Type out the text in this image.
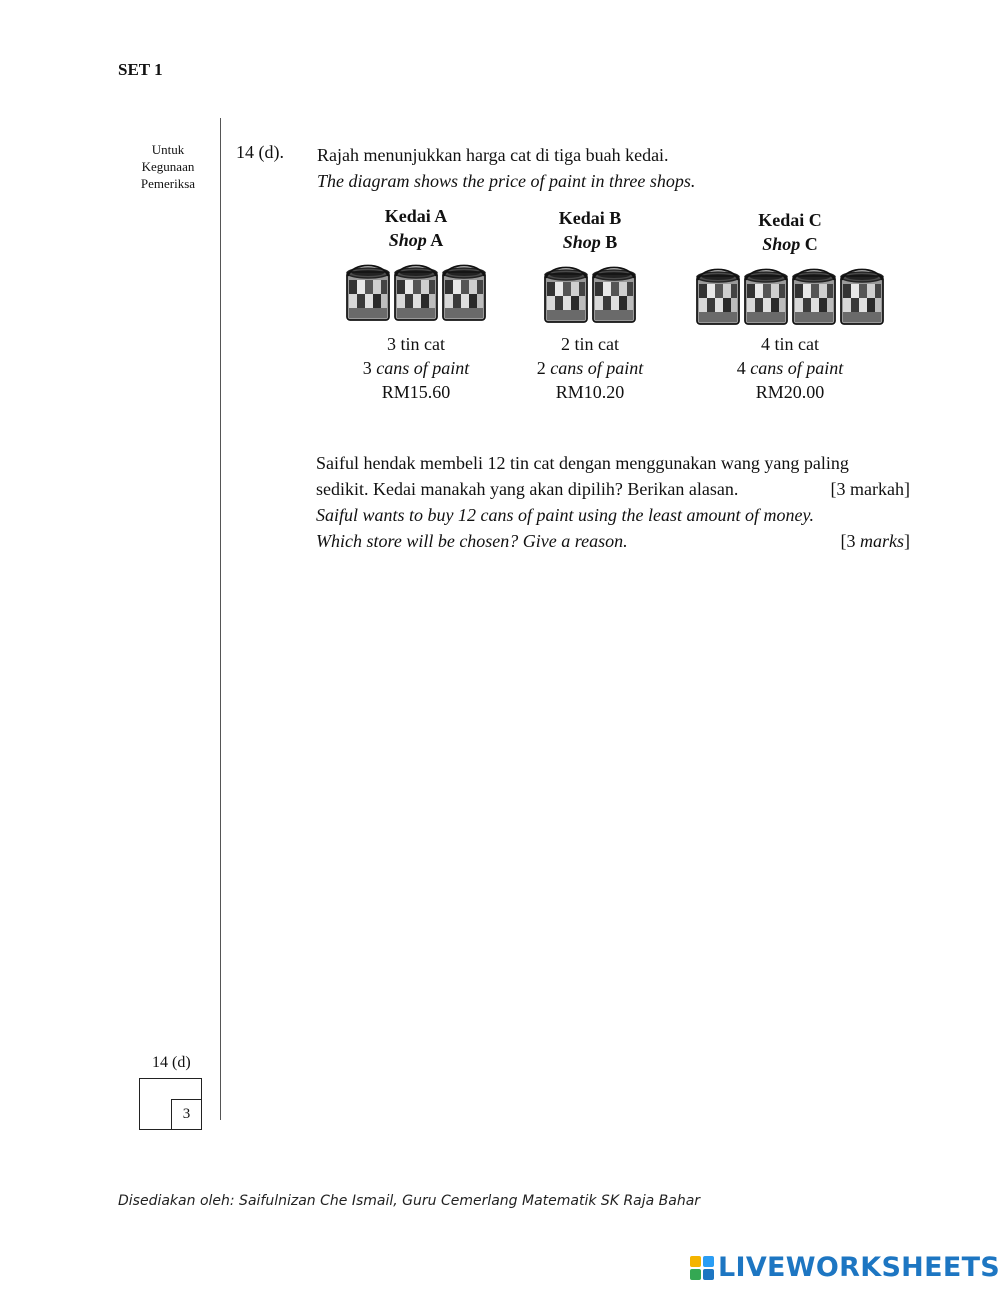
SET 1
Untuk
Kegunaan
Pemeriksa
14 (d). Rajah menunjukkan harga cat di tiga buah kedai.
The diagram shows the price of paint in three shops.
Kedai A
Shop A
3 tin cat
3 cans of paint
RM15.60
Kedai B
Shop B
2 tin cat
2 cans of paint
RM10.20
Kedai C
Shop C
4 tin cat
4 cans of paint
RM20.00
Saiful hendak membeli 12 tin cat dengan menggunakan wang yang paling
sedikit. Kedai manakah yang akan dipilih? Berikan alasan.	[3 markah]
Saiful wants to buy 12 cans of paint using the least amount of money.
Which store will be chosen? Give a reason.	[3 marks]
14 (d)
3
Disediakan oleh: Saifulnizan Che Ismail, Guru Cemerlang Matematik SK Raja Bahar
LIVEWORKSHEETS
